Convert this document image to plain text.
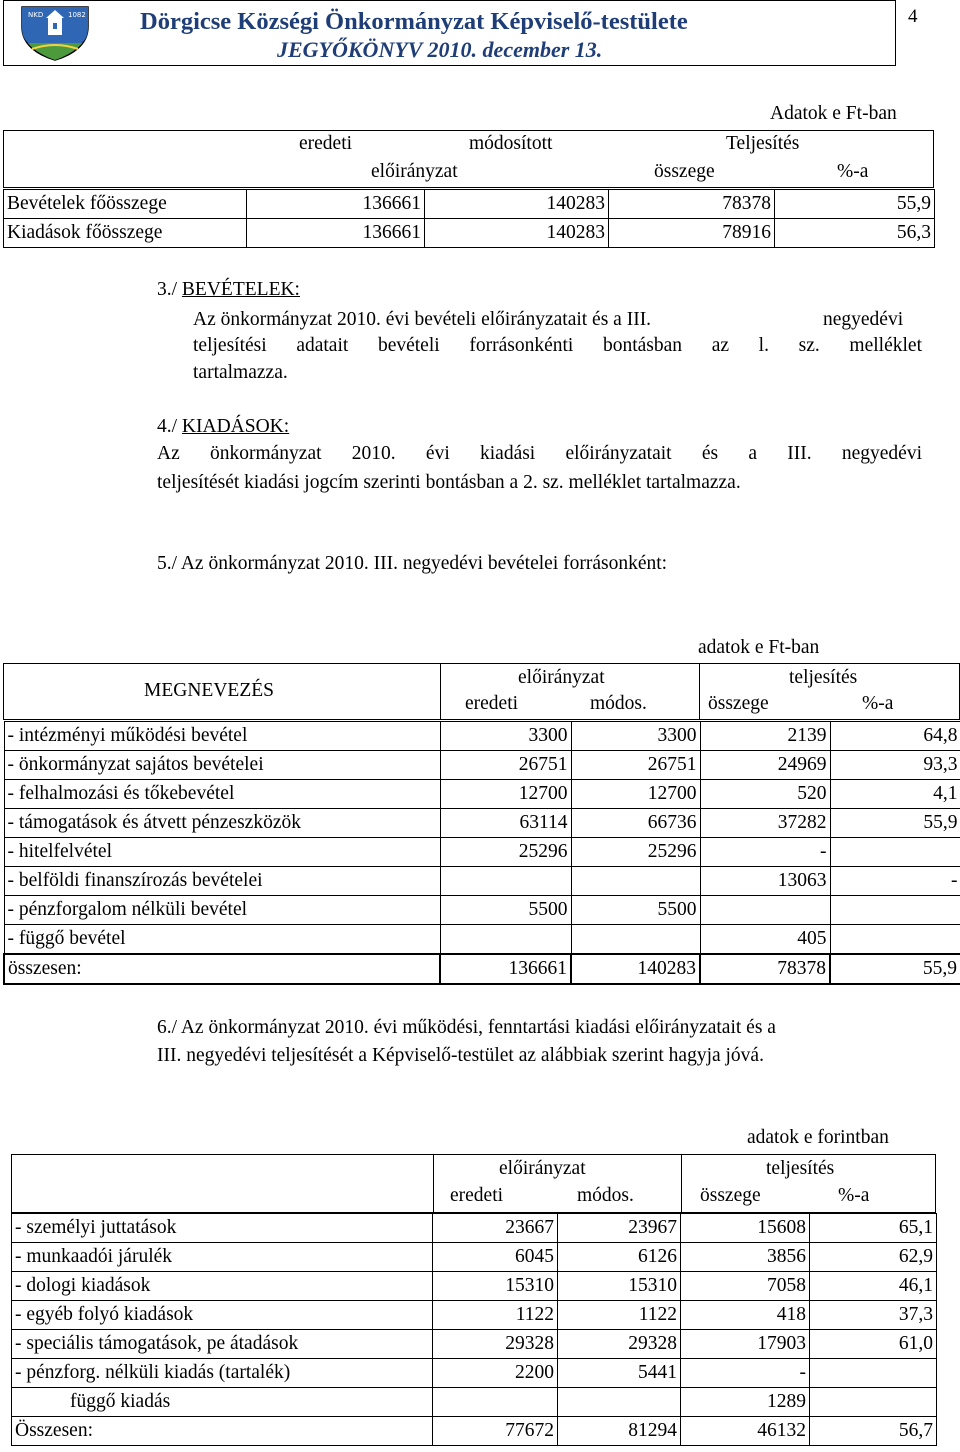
NKD	1082 Dörgicse Községi Önkormányzat Képviselő-testülete
JEGYŐKÖNYV 2010. december 13.
4
Adatok e Ft-ban
eredeti	módosított	Teljesítés
előirányzat	összege	%-a
Bevételek főösszege	136661	140283	78378	55,9
Kiadások főösszege	136661	140283	78916	56,3
3./ BEVÉTELEK:
Az önkormányzat 2010. évi bevételi előirányzatait és a III.	negyedévi
teljesítési adatait bevételi forrásonkénti bontásban az l. sz. melléklet
tartalmazza.
4./ KIADÁSOK:
Az önkormányzat 2010. évi kiadási előirányzatait és a III. negyedévi
teljesítését kiadási jogcím szerinti bontásban a 2. sz. melléklet tartalmazza.
5./ Az önkormányzat 2010. III. negyedévi bevételei forrásonként:
adatok e Ft-ban
MEGNEVEZÉS
előirányzat
eredeti	módos.
teljesítés
összege	%-a
- intézményi működési bevétel	3300	3300	2139	64,8
- önkormányzat sajátos bevételei	26751	26751	24969	93,3
- felhalmozási és tőkebevétel	12700	12700	520	4,1
- támogatások és átvett pénzeszközök	63114	66736	37282	55,9
- hitelfelvétel	25296	25296	-	
- belföldi finanszírozás bevételei			13063	-
- pénzforgalom nélküli bevétel	5500	5500		
- függő bevétel			405	
összesen:	136661	140283	78378	55,9
6./ Az önkormányzat 2010. évi működési, fenntartási kiadási előirányzatait és a
III. negyedévi teljesítését a Képviselő-testület az alábbiak szerint hagyja jóvá.
adatok e forintban
előirányzat
eredeti	módos.
teljesítés
összege	%-a
- személyi juttatások	23667	23967	15608	65,1
- munkaadói járulék	6045	6126	3856	62,9
- dologi kiadások	15310	15310	7058	46,1
- egyéb folyó kiadások	1122	1122	418	37,3
- speciális támogatások, pe átadások	29328	29328	17903	61,0
- pénzforg. nélküli kiadás (tartalék)	2200	5441	-	
függő kiadás			1289	
Összesen:	77672	81294	46132	56,7
